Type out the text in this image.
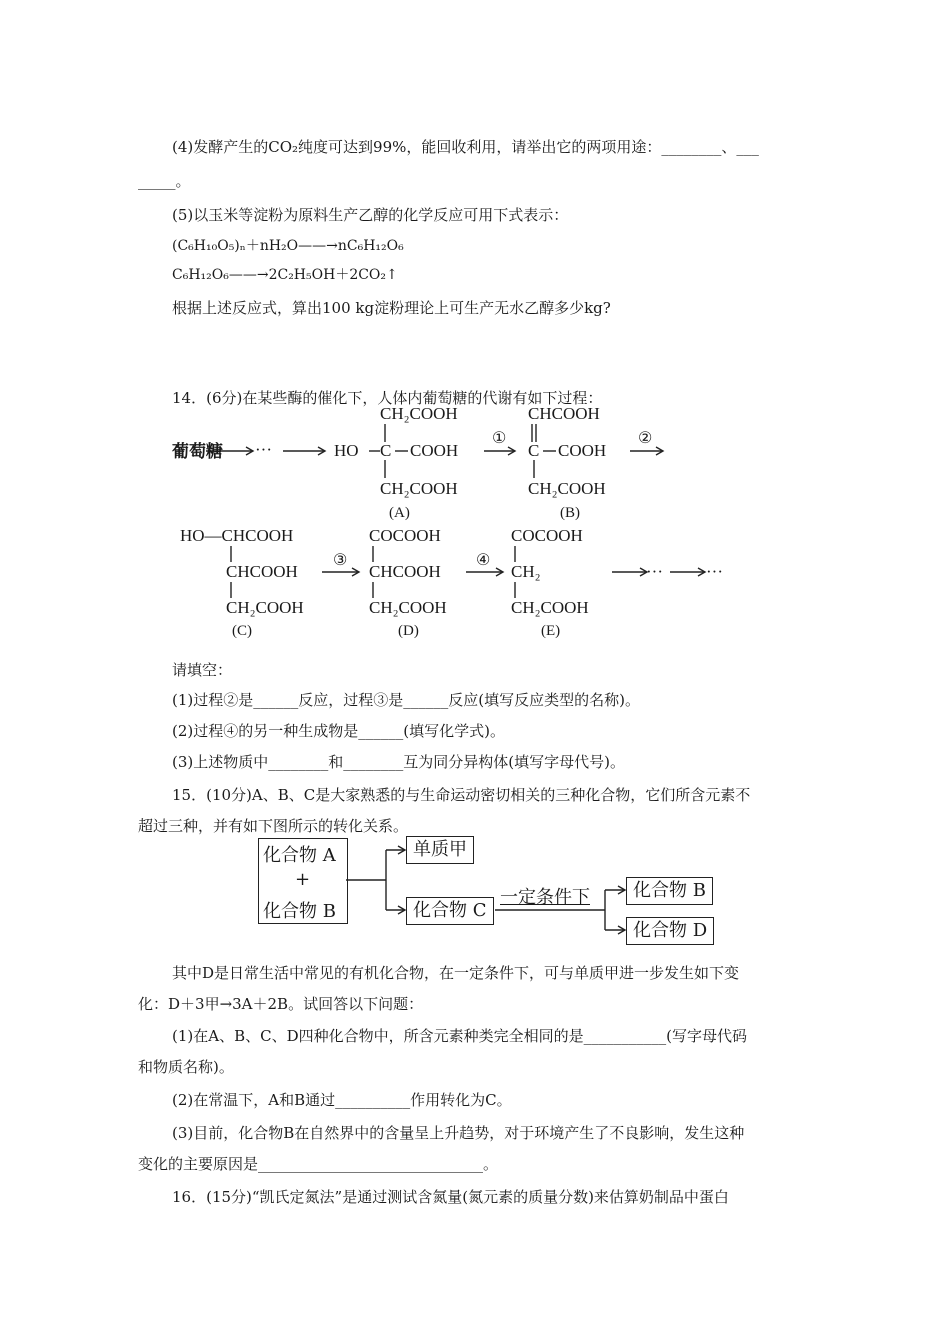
(4)发酵产生的CO₂纯度可达到99%，能回收利用，请举出它的两项用途：________、___
_____。
(5)以玉米等淀粉为原料生产乙醇的化学反应可用下式表示：
(C₆H₁₀O₅)ₙ＋nH₂O——→nC₆H₁₂O₆
C₆H₁₂O₆——→2C₂H₅OH＋2CO₂↑
根据上述反应式，算出100 kg淀粉理论上可生产无水乙醇多少kg?
14．(6分)在某些酶的催化下，人体内葡萄糖的代谢有如下过程：
葡萄糖 ···
CH₂COOH
HO C COOH
CH₂COOH
(A)
①
CHCOOH
C COOH
CH₂COOH
(B)
②
HO—CHCOOH
CHCOOH
CH₂COOH
(C)
③
COCOOH
CHCOOH
CH₂COOH
(D)
④
COCOOH
CH₂
CH₂COOH
(E)
···	···
请填空：
(1)过程②是______反应，过程③是______反应(填写反应类型的名称)。
(2)过程④的另一种生成物是______(填写化学式)。
(3)上述物质中________和________互为同分异构体(填写字母代号)。
15．(10分)A、B、C是大家熟悉的与生命运动密切相关的三种化合物，它们所含元素不
超过三种，并有如下图所示的转化关系。
化合物 A
+
化合物 B
单质甲
化合物 C
一定条件下	化合物 B
化合物 D
其中D是日常生活中常见的有机化合物，在一定条件下，可与单质甲进一步发生如下变
化：D＋3甲→3A＋2B。试回答以下问题：
(1)在A、B、C、D四种化合物中，所含元素种类完全相同的是___________(写字母代码
和物质名称)。
(2)在常温下，A和B通过__________作用转化为C。
(3)目前，化合物B在自然界中的含量呈上升趋势，对于环境产生了不良影响，发生这种
变化的主要原因是______________________________。
16．(15分)“凯氏定氮法”是通过测试含氮量(氮元素的质量分数)来估算奶制品中蛋白
